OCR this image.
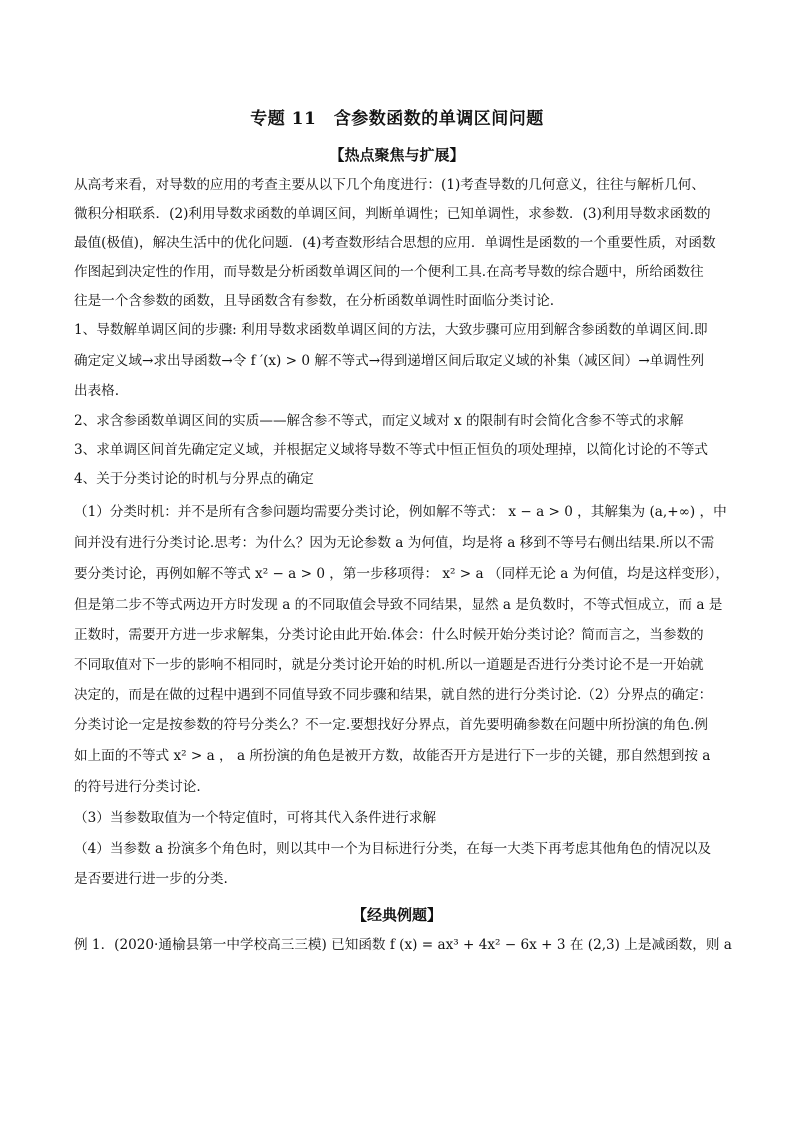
专题 11　含参数函数的单调区间问题
【热点聚焦与扩展】
从高考来看，对导数的应用的考查主要从以下几个角度进行：(1)考查导数的几何意义，往往与解析几何、
微积分相联系．(2)利用导数求函数的单调区间，判断单调性；已知单调性，求参数．(3)利用导数求函数的
最值(极值)，解决生活中的优化问题．(4)考查数形结合思想的应用．单调性是函数的一个重要性质，对函数
作图起到决定性的作用，而导数是分析函数单调区间的一个便利工具.在高考导数的综合题中，所给函数往
往是一个含参数的函数，且导函数含有参数，在分析函数单调性时面临分类讨论.
1、导数解单调区间的步骤: 利用导数求函数单调区间的方法，大致步骤可应用到解含参函数的单调区间.即
确定定义域→求出导函数→令 f ′(x) > 0 解不等式→得到递增区间后取定义域的补集（减区间）→单调性列
出表格.
2、求含参函数单调区间的实质——解含参不等式，而定义域对 x 的限制有时会简化含参不等式的求解
3、求单调区间首先确定定义域，并根据定义域将导数不等式中恒正恒负的项处理掉，以简化讨论的不等式
4、关于分类讨论的时机与分界点的确定
（1）分类时机：并不是所有含参问题均需要分类讨论，例如解不等式： x − a > 0 ，其解集为 (a,+∞) ，中
间并没有进行分类讨论.思考：为什么？因为无论参数 a 为何值，均是将 a 移到不等号右侧出结果.所以不需
要分类讨论，再例如解不等式 x² − a > 0 ，第一步移项得： x² > a （同样无论 a 为何值，均是这样变形），
但是第二步不等式两边开方时发现 a 的不同取值会导致不同结果，显然 a 是负数时，不等式恒成立，而 a 是
正数时，需要开方进一步求解集，分类讨论由此开始.体会：什么时候开始分类讨论？简而言之，当参数的
不同取值对下一步的影响不相同时，就是分类讨论开始的时机.所以一道题是否进行分类讨论不是一开始就
决定的，而是在做的过程中遇到不同值导致不同步骤和结果，就自然的进行分类讨论.（2）分界点的确定：
分类讨论一定是按参数的符号分类么？不一定.要想找好分界点，首先要明确参数在问题中所扮演的角色.例
如上面的不等式 x² > a ， a 所扮演的角色是被开方数，故能否开方是进行下一步的关键，那自然想到按 a
的符号进行分类讨论.
（3）当参数取值为一个特定值时，可将其代入条件进行求解
（4）当参数 a 扮演多个角色时，则以其中一个为目标进行分类，在每一大类下再考虑其他角色的情况以及
是否要进行进一步的分类.
【经典例题】
例 1．(2020·通榆县第一中学校高三三模) 已知函数 f (x) = ax³ + 4x² − 6x + 3 在 (2,3) 上是减函数，则 a
